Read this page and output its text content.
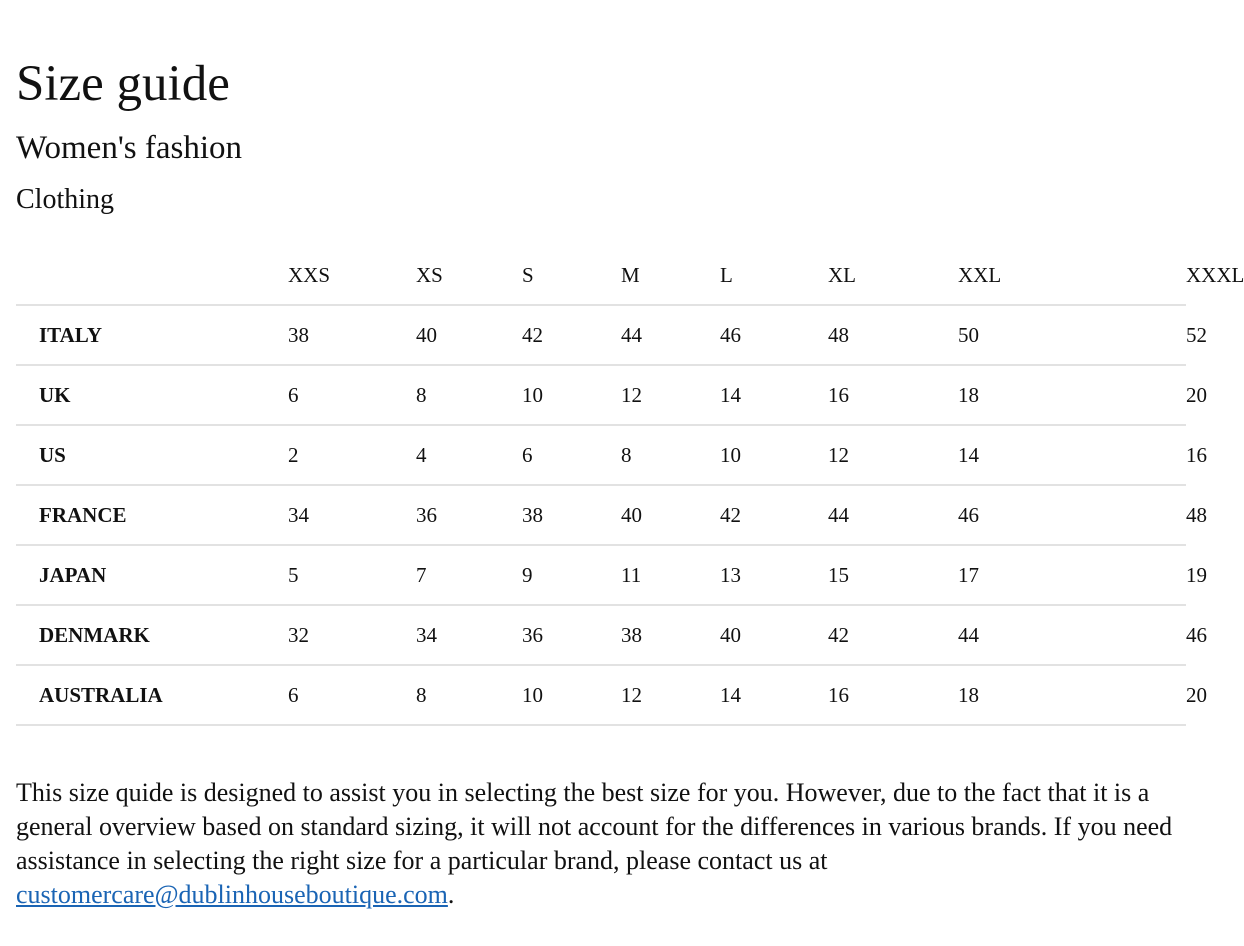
Size guide
Women's fashion
Clothing
	XXS	XS	S	M	L	XL	XXL	XXXL
ITALY	38	40	42	44	46	48	50	52
UK	6	8	10	12	14	16	18	20
US	2	4	6	8	10	12	14	16
FRANCE	34	36	38	40	42	44	46	48
JAPAN	5	7	9	11	13	15	17	19
DENMARK	32	34	36	38	40	42	44	46
AUSTRALIA	6	8	10	12	14	16	18	20

This size quide is designed to assist you in selecting the best size for you. However, due to the fact that it is a general overview based on standard sizing, it will not account for the differences in various brands. If you need assistance in selecting the right size for a particular brand, please contact us at customercare@dublinhouseboutique.com.
